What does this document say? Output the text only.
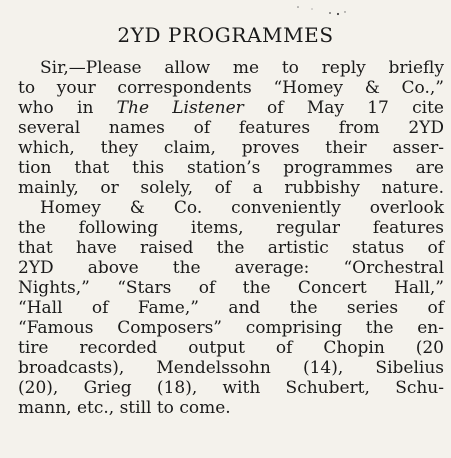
2YD PROGRAMMES
Sir,—Please allow me to reply briefly
to your correspondents “Homey & Co.,”
who in The Listener of May 17 cite
several names of features from 2YD
which, they claim, proves their asser-
tion that this station’s programmes are
mainly, or solely, of a rubbishy nature.
Homey & Co. conveniently overlook
the following items, regular features
that have raised the artistic status of
2YD above the average: “Orchestral
Nights,” “Stars of the Concert Hall,”
“Hall of Fame,” and the series of
“Famous Composers” comprising the en-
tire recorded output of Chopin (20
broadcasts), Mendelssohn (14), Sibelius
(20), Grieg (18), with Schubert, Schu-
mann, etc., still to come.
